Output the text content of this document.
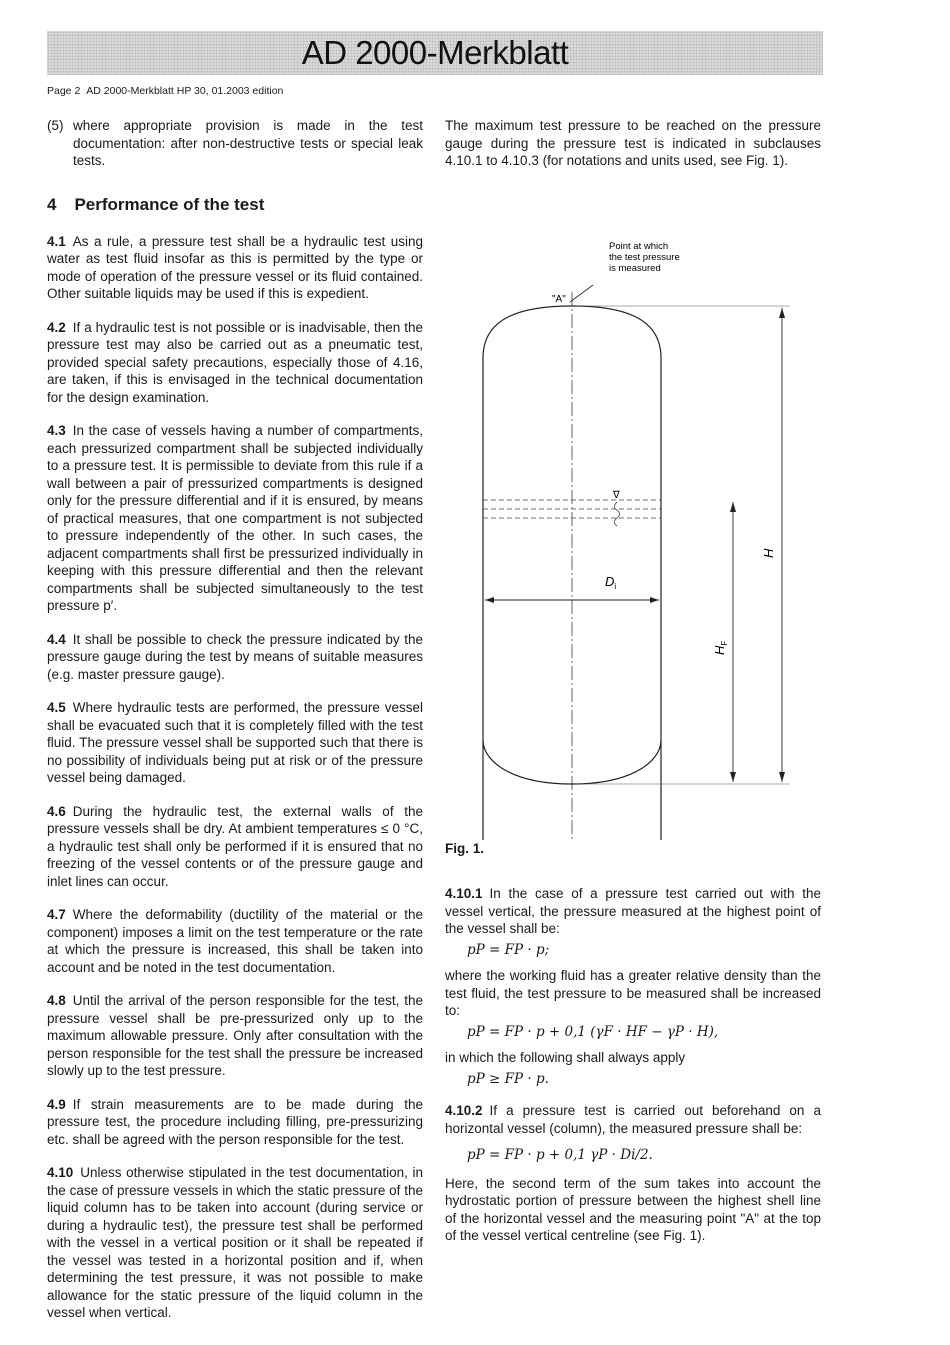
AD 2000-Merkblatt
Page 2 AD 2000-Merkblatt HP 30, 01.2003 edition
(5) where appropriate provision is made in the test documentation: after non-destructive tests or special leak tests.
4 Performance of the test

4.1 As a rule, a pressure test shall be a hydraulic test using water as test fluid insofar as this is permitted by the type or mode of operation of the pressure vessel or its fluid contained. Other suitable liquids may be used if this is expedient.

4.2 If a hydraulic test is not possible or is inadvisable, then the pressure test may also be carried out as a pneumatic test, provided special safety precautions, especially those of 4.16, are taken, if this is envisaged in the technical documentation for the design examination.

4.3 In the case of vessels having a number of compartments, each pressurized compartment shall be subjected individually to a pressure test. It is permissible to deviate from this rule if a wall between a pair of pressurized compartments is designed only for the pressure differential and if it is ensured, by means of practical measures, that one compartment is not subjected to pressure independently of the other. In such cases, the adjacent compartments shall first be pressurized individually in keeping with this pressure differential and then the relevant compartments shall be subjected simultaneously to the test pressure p′.

4.4 It shall be possible to check the pressure indicated by the pressure gauge during the test by means of suitable measures (e.g. master pressure gauge).

4.5 Where hydraulic tests are performed, the pressure vessel shall be evacuated such that it is completely filled with the test fluid. The pressure vessel shall be supported such that there is no possibility of individuals being put at risk or of the pressure vessel being damaged.

4.6 During the hydraulic test, the external walls of the pressure vessels shall be dry. At ambient temperatures ≤ 0 °C, a hydraulic test shall only be performed if it is ensured that no freezing of the vessel contents or of the pressure gauge and inlet lines can occur.

4.7 Where the deformability (ductility of the material or the component) imposes a limit on the test temperature or the rate at which the pressure is increased, this shall be taken into account and be noted in the test documentation.

4.8 Until the arrival of the person responsible for the test, the pressure vessel shall be pre-pressurized only up to the maximum allowable pressure. Only after consultation with the person responsible for the test shall the pressure be increased slowly up to the test pressure.

4.9 If strain measurements are to be made during the pressure test, the procedure including filling, pre-pressurizing etc. shall be agreed with the person responsible for the test.

4.10 Unless otherwise stipulated in the test documentation, in the case of pressure vessels in which the static pressure of the liquid column has to be taken into account (during service or during a hydraulic test), the pressure test shall be performed with the vessel in a vertical position or it shall be repeated if the vessel was tested in a horizontal position and if, when determining the test pressure, it was not possible to make allowance for the static pressure of the liquid column in the vessel when vertical.

The maximum test pressure to be reached on the pressure gauge during the pressure test is indicated in subclauses 4.10.1 to 4.10.3 (for notations and units used, see Fig. 1).

Point at which
the test pressure
is measured
"A"
∇
$D_i$
H
$H_F$

Fig. 1.

4.10.1 In the case of a pressure test carried out with the vessel vertical, the pressure measured at the highest point of the vessel shall be:

pP = FP · p;

where the working fluid has a greater relative density than the test fluid, the test pressure to be measured shall be increased to:

pP = FP · p + 0,1 (γF · HF − γP · H),

in which the following shall always apply

pP ≥ FP · p.

4.10.2 If a pressure test is carried out beforehand on a horizontal vessel (column), the measured pressure shall be:

pP = FP · p + 0,1 γP · Di/2.

Here, the second term of the sum takes into account the hydrostatic portion of pressure between the highest shell line of the horizontal vessel and the measuring point "A" at the top of the vessel vertical centreline (see Fig. 1).
